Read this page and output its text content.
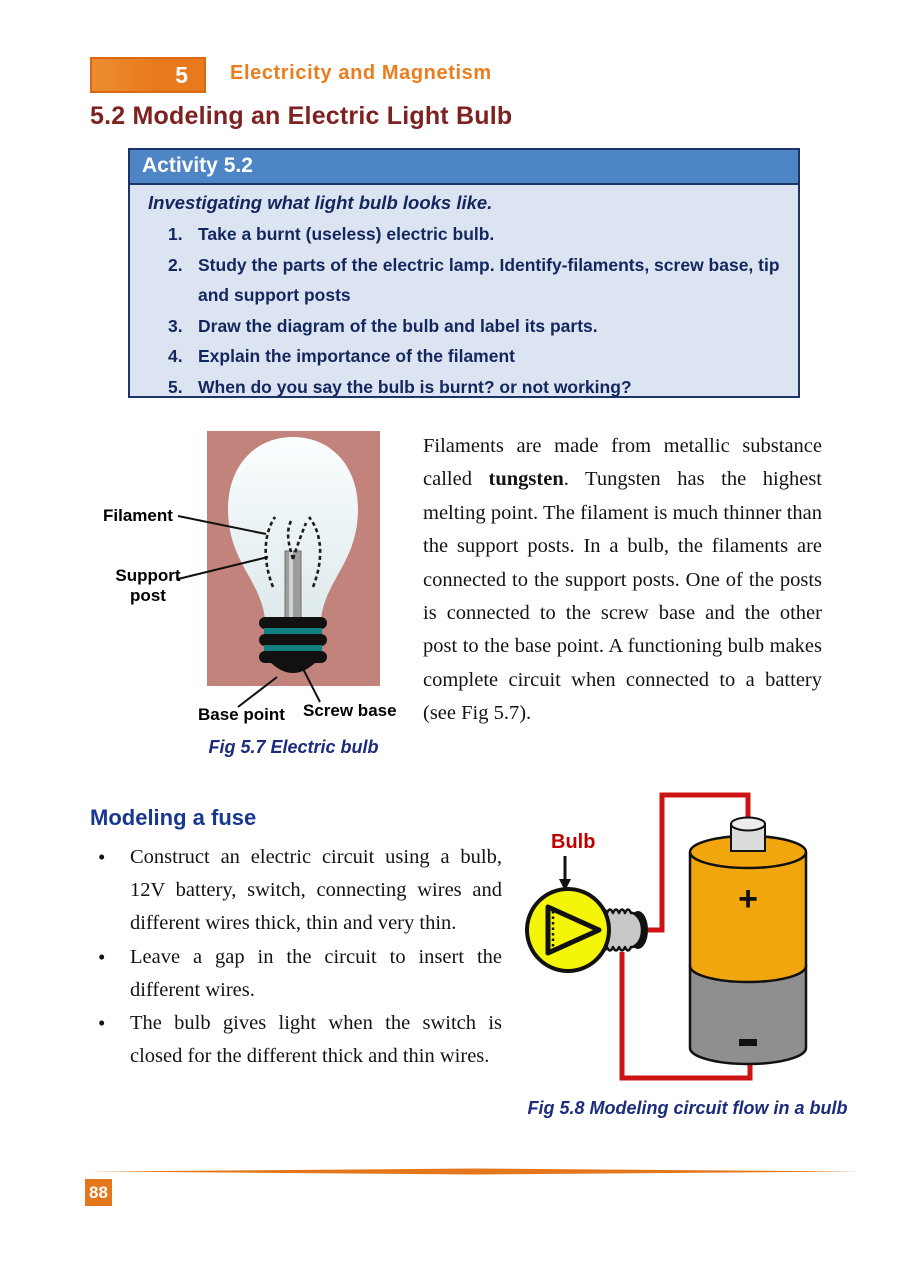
5 Electricity and Magnetism
5.2 Modeling an Electric Light Bulb
Activity 5.2
Investigating what light bulb looks like.
1. Take a burnt (useless) electric bulb.
2. Study the parts of the electric lamp. Identify-filaments, screw base, tip and support posts
3. Draw the diagram of the bulb and label its parts.
4. Explain the importance of the filament
5. When do you say the bulb is burnt? or not working?
Filament
Support
post
Base point Screw base
Fig 5.7 Electric bulb
Filaments are made from metallic substance called tungsten. Tungsten has the highest melting point. The filament is much thinner than the support posts. In a bulb, the filaments are connected to the support posts. One of the posts is connected to the screw base and the other post to the base point. A functioning bulb makes complete circuit when connected to a battery (see Fig 5.7).
Modeling a fuse
• Construct an electric circuit using a bulb, 12V battery, switch, connecting wires and different wires thick, thin and very thin.
• Leave a gap in the circuit to insert the different wires.
• The bulb gives light when the switch is closed for the different thick and thin wires.
+
Bulb
Fig 5.8 Modeling circuit flow in a bulb
88
